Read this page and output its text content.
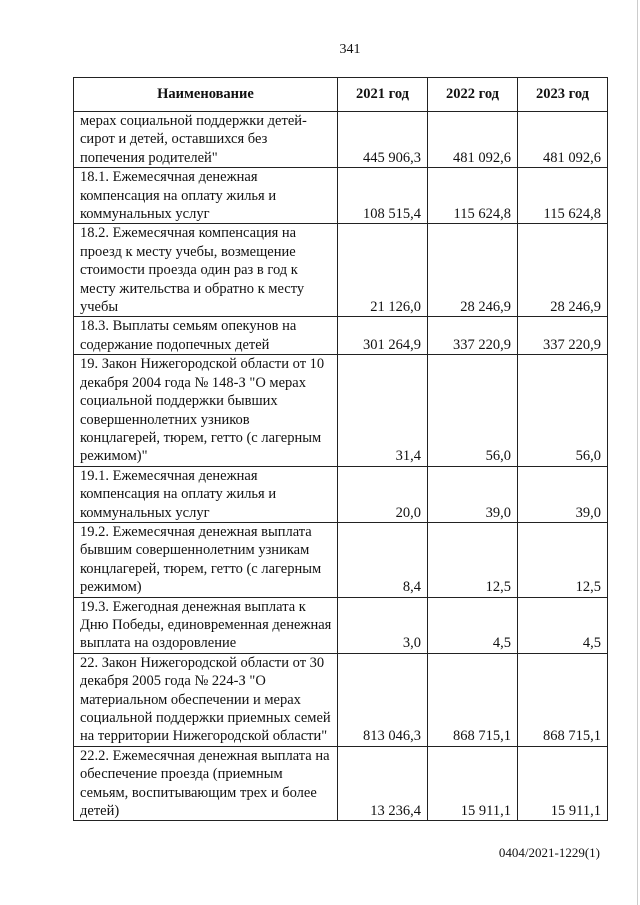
341
Наименование	2021 год	2022 год	2023 год
мерах социальной поддержки детей-сирот и детей, оставшихся без попечения родителей"	445 906,3	481 092,6	481 092,6
18.1. Ежемесячная денежная компенсация на оплату жилья и коммунальных услуг	108 515,4	115 624,8	115 624,8
18.2. Ежемесячная компенсация на проезд к месту учебы, возмещение стоимости проезда один раз в год к месту жительства и обратно к месту учебы	21 126,0	28 246,9	28 246,9
18.3. Выплаты семьям опекунов на содержание подопечных детей	301 264,9	337 220,9	337 220,9
19. Закон Нижегородской области от 10 декабря 2004 года № 148-З "О мерах социальной поддержки бывших совершеннолетних узников концлагерей, тюрем, гетто (с лагерным режимом)"	31,4	56,0	56,0
19.1. Ежемесячная денежная компенсация на оплату жилья и коммунальных услуг	20,0	39,0	39,0
19.2. Ежемесячная денежная выплата бывшим совершеннолетним узникам концлагерей, тюрем, гетто (с лагерным режимом)	8,4	12,5	12,5
19.3. Ежегодная денежная выплата к Дню Победы, единовременная денежная выплата на оздоровление	3,0	4,5	4,5
22. Закон Нижегородской области от 30 декабря 2005 года № 224-З "О материальном обеспечении и мерах социальной поддержки приемных семей на территории Нижегородской области"	813 046,3	868 715,1	868 715,1
22.2. Ежемесячная денежная выплата на обеспечение проезда (приемным семьям, воспитывающим трех и более детей)	13 236,4	15 911,1	15 911,1
0404/2021-1229(1)
